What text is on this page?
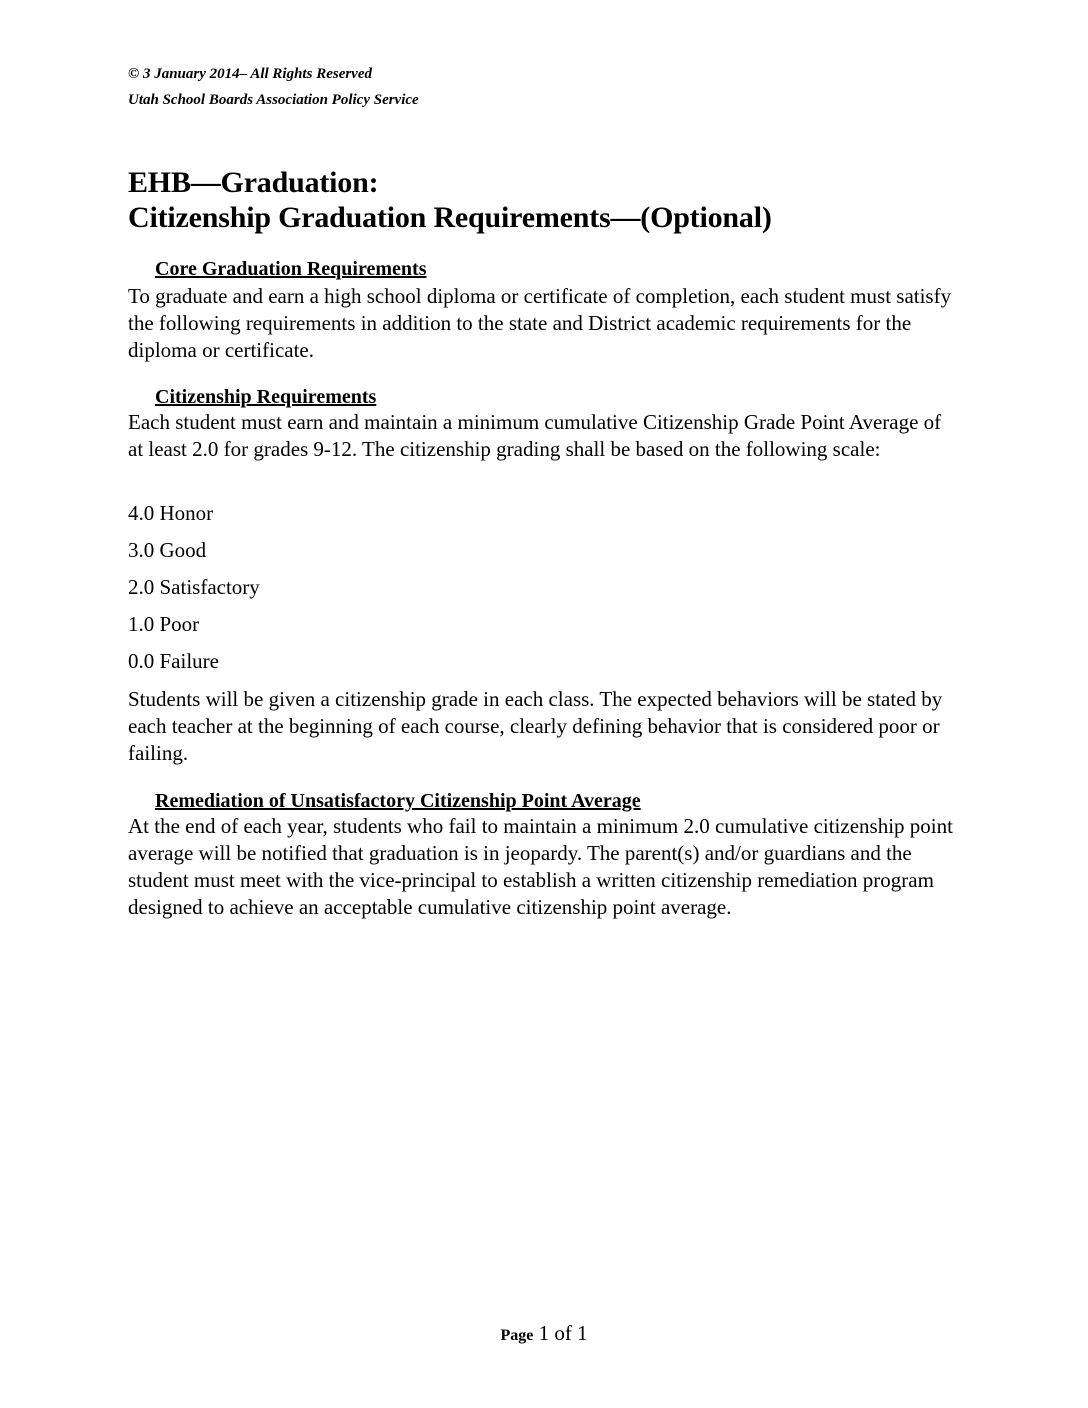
© 3 January 2014– All Rights Reserved
Utah School Boards Association Policy Service
EHB—Graduation:
Citizenship Graduation Requirements—(Optional)
Core Graduation Requirements
To graduate and earn a high school diploma or certificate of completion, each student must satisfy the following requirements in addition to the state and District academic requirements for the diploma or certificate.
Citizenship Requirements
Each student must earn and maintain a minimum cumulative Citizenship Grade Point Average of at least 2.0 for grades 9-12. The citizenship grading shall be based on the following scale:
4.0 Honor
3.0 Good
2.0 Satisfactory
1.0 Poor
0.0 Failure
Students will be given a citizenship grade in each class. The expected behaviors will be stated by each teacher at the beginning of each course, clearly defining behavior that is considered poor or failing.
Remediation of Unsatisfactory Citizenship Point Average
At the end of each year, students who fail to maintain a minimum 2.0 cumulative citizenship point average will be notified that graduation is in jeopardy. The parent(s) and/or guardians and the student must meet with the vice-principal to establish a written citizenship remediation program designed to achieve an acceptable cumulative citizenship point average.
Page 1 of 1
